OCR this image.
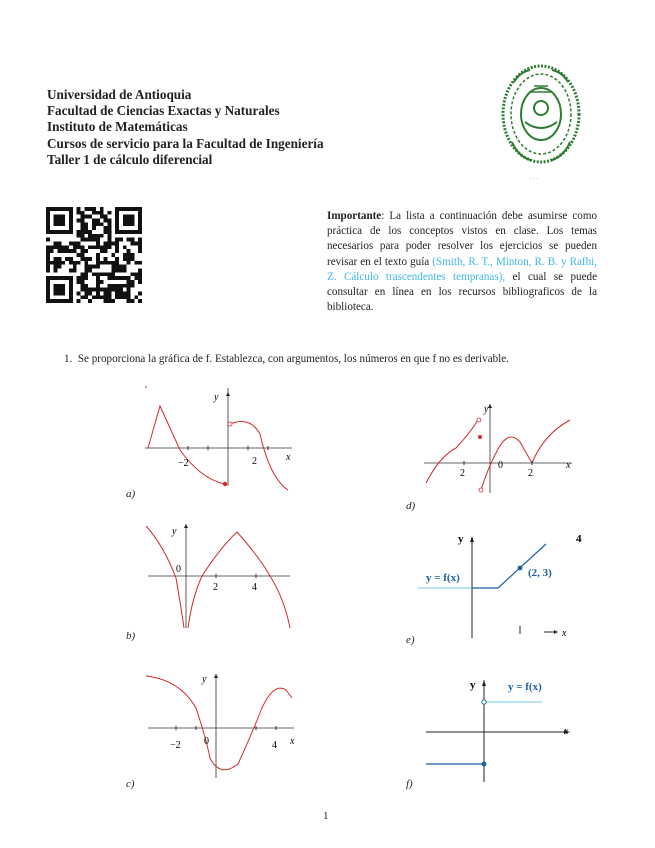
Universidad de Antioquia
Facultad de Ciencias Exactas y Naturales
Instituto de Matemáticas
Cursos de servicio para la Facultad de Ingeniería
Taller 1 de cálculo diferencial
· · ·
Importante: La lista a continuación debe asumirse como práctica de los conceptos vistos en clase. Los temas necesarios para poder resolver los ejercicios se pueden revisar en el texto guía (Smith, R. T., Minton, R. B. y Rafhi, Z. Cálculo trascendentes tempranas), el cual se puede consultar en línea en los recursos bibliograficos de la biblioteca.
1. Se proporciona la gráfica de f. Establezca, con argumentos, los números en que f no es derivable.
y
x
−2	2
a)
y
0
2	4
b)
y
x
−2 0	4
c)
y
x
2
0
2
d)
y
x
y = f(x)	(2, 3)
4
e)
y
x
y = f(x)
f)
1
